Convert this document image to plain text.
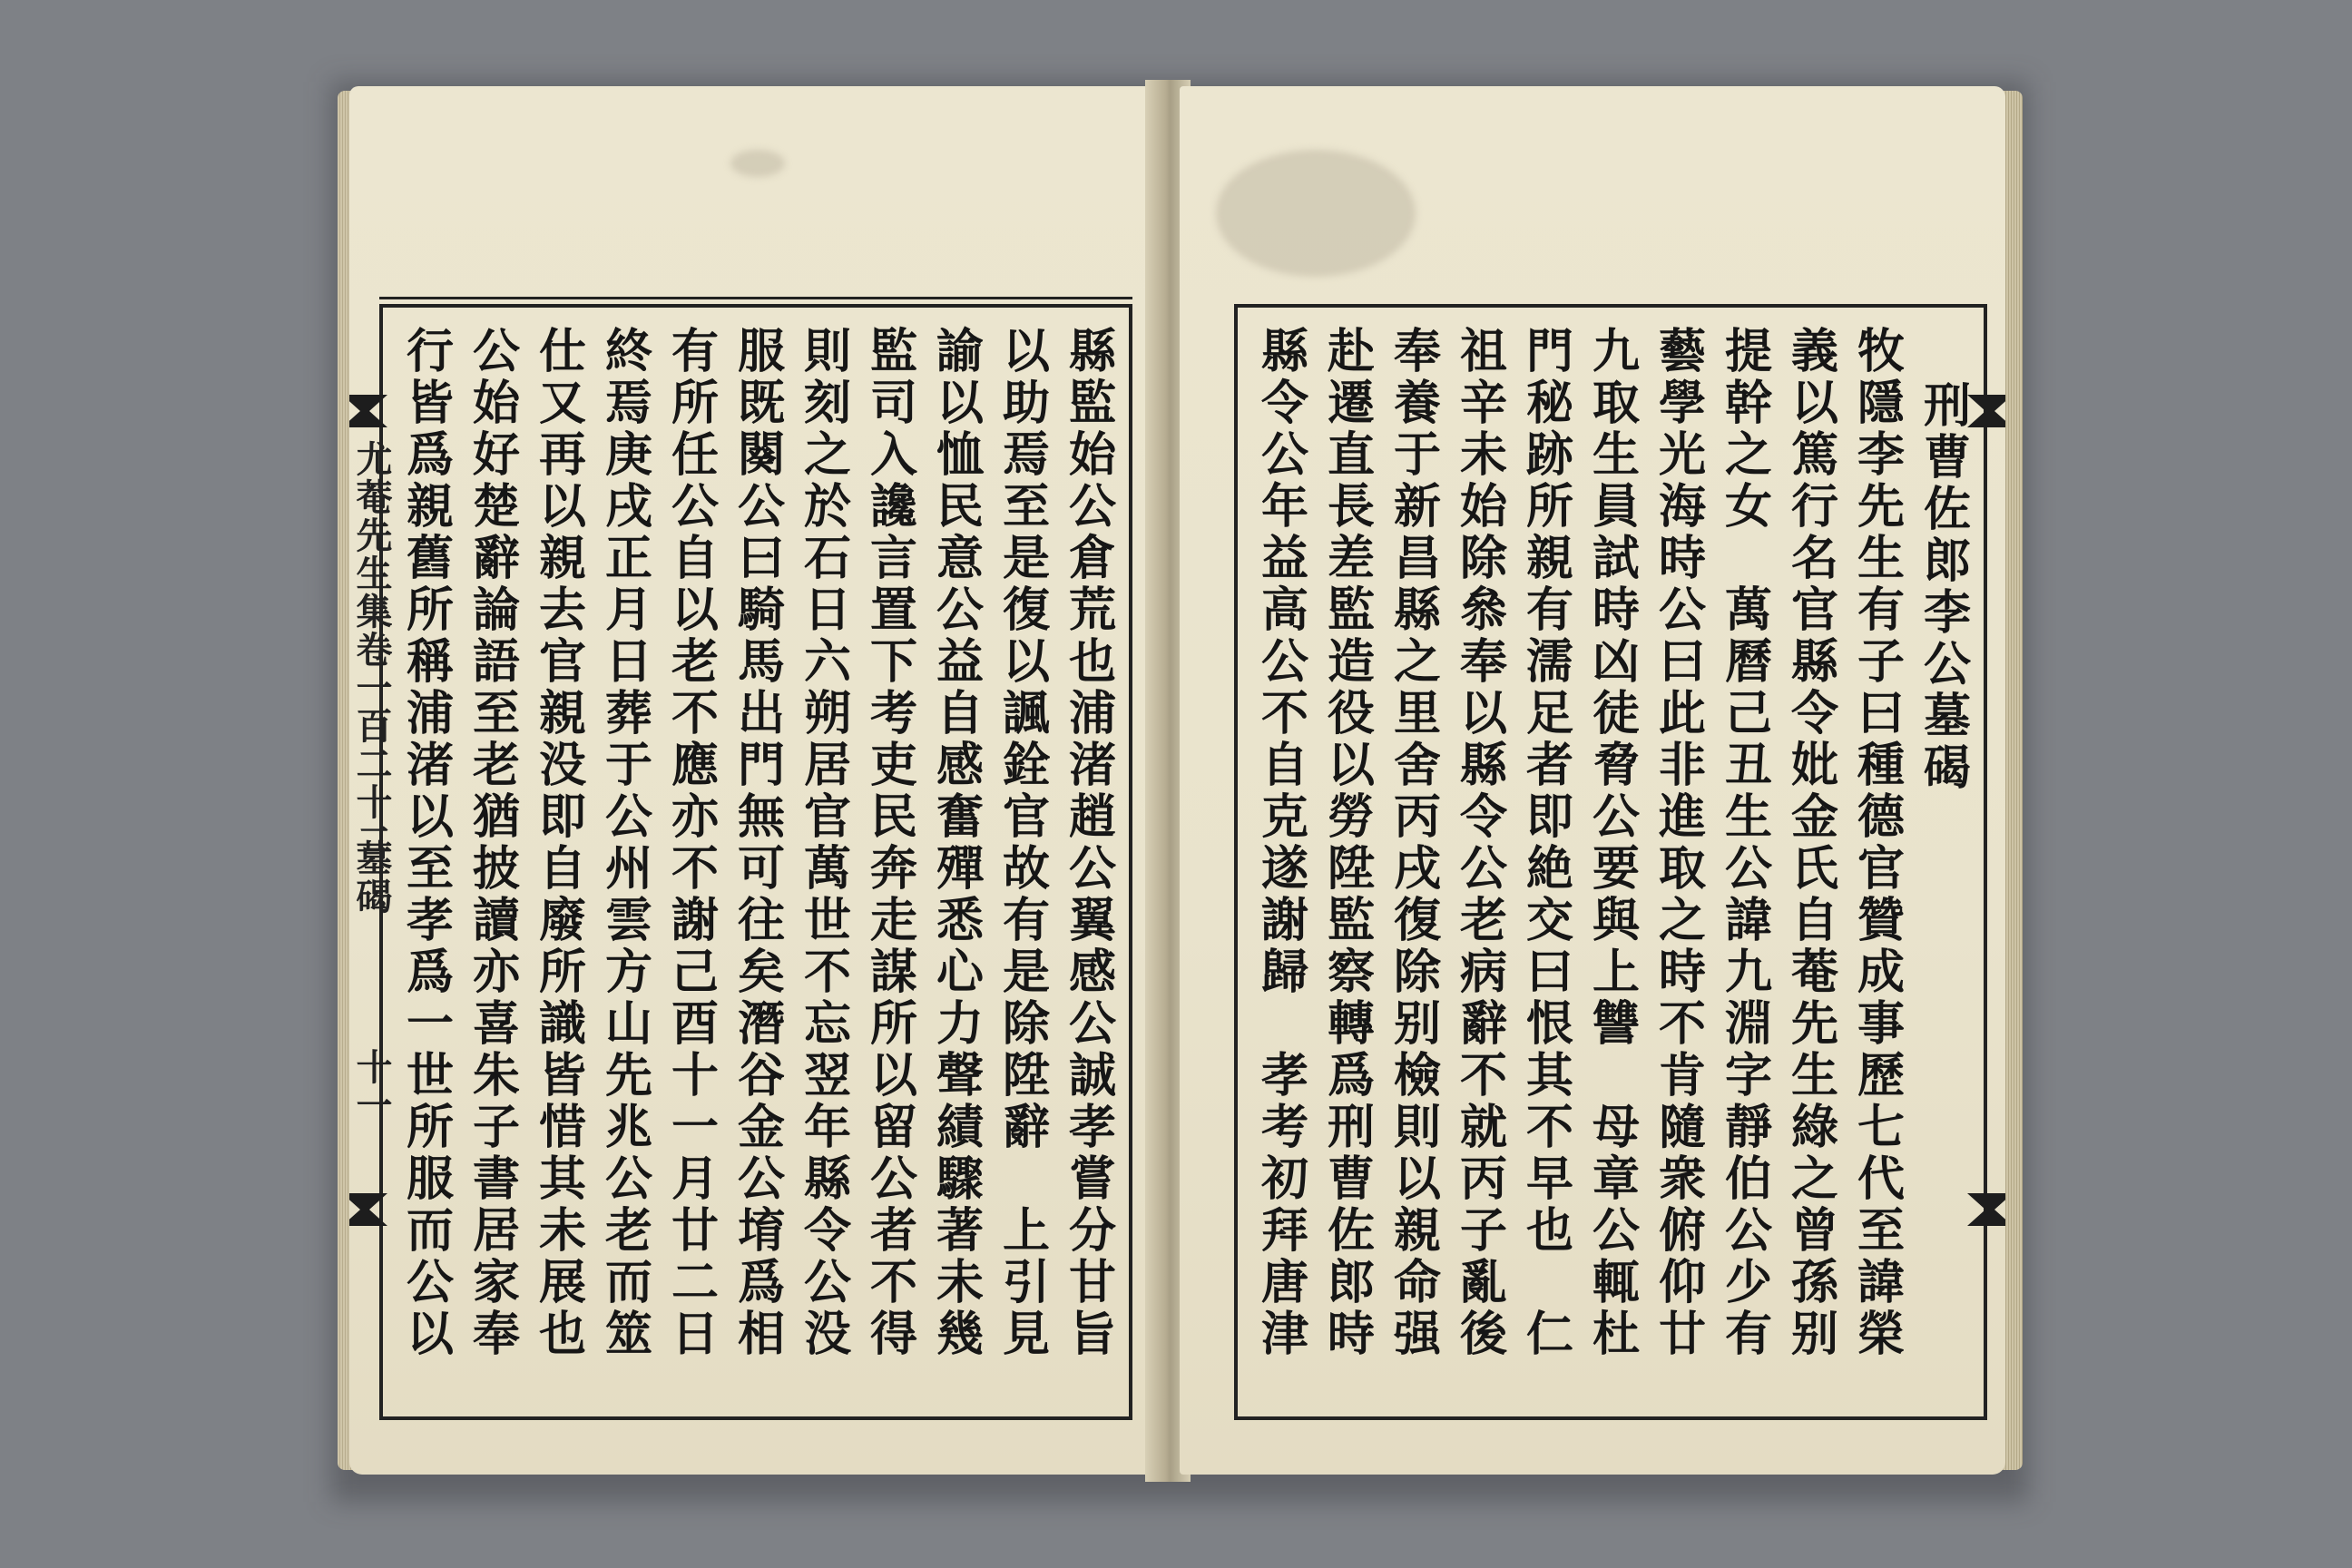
縣
監
始
公
倉
荒
也
浦
渚
趙
公
翼
感
公
誠
孝
嘗
分
甘
旨
以
助
焉
至
是
復
以
諷
銓
官
故
有
是
除
陞
辭
上
引
見
諭
以
恤
民
意
公
益
自
感
奮
殫
悉
心
力
聲
績
驟
著
未
幾
監
司
入
讒
言
置
下
考
吏
民
奔
走
謀
所
以
留
公
者
不
得
則
刻
之
於
石
日
六
朔
居
官
萬
世
不
忘
翌
年
縣
令
公
没
服
既
闋
公
曰
騎
馬
出
門
無
可
往
矣
潛
谷
金
公
堉
爲
相
有
所
任
公
自
以
老
不
應
亦
不
謝
己
酉
十
一
月
廿
二
日
終
焉
庚
戌
正
月
日
葬
于
公
州
雲
方
山
先
兆
公
老
而
筮
仕
又
再
以
親
去
官
親
没
即
自
廢
所
識
皆
惜
其
未
展
也
公
始
好
楚
辭
論
語
至
老
猶
披
讀
亦
喜
朱
子
書
居
家
奉
行
皆
爲
親
舊
所
稱
浦
渚
以
至
孝
爲
一
世
所
服
而
公
以
尤菴先生集卷一百二十二
墓碣
十一
刑
曹
佐
郎
李
公
墓
碣
牧
隱
李
先
生
有
子
曰
種
德
官
贊
成
事
歷
七
代
至
諱
榮
義
以
篤
行
名
官
縣
令
妣
金
氏
自
菴
先
生
綠
之
曾
孫
别
提
幹
之
女
萬
曆
己
丑
生
公
諱
九
淵
字
靜
伯
公
少
有
藝
學
光
海
時
公
曰
此
非
進
取
之
時
不
肯
隨
衆
俯
仰
廿
九
取
生
員
試
時
凶
徒
脅
公
要
與
上
讐
母
章
公
輒
杜
門
秘
跡
所
親
有
濡
足
者
即
絶
交
曰
恨
其
不
早
也
仁
祖
辛
未
始
除
叅
奉
以
縣
令
公
老
病
辭
不
就
丙
子
亂
後
奉
養
于
新
昌
縣
之
里
舍
丙
戌
復
除
别
檢
則
以
親
命
强
赴
遷
直
長
差
監
造
役
以
勞
陞
監
察
轉
爲
刑
曹
佐
郎
時
縣
令
公
年
益
高
公
不
自
克
遂
謝
歸
孝
考
初
拜
唐
津
